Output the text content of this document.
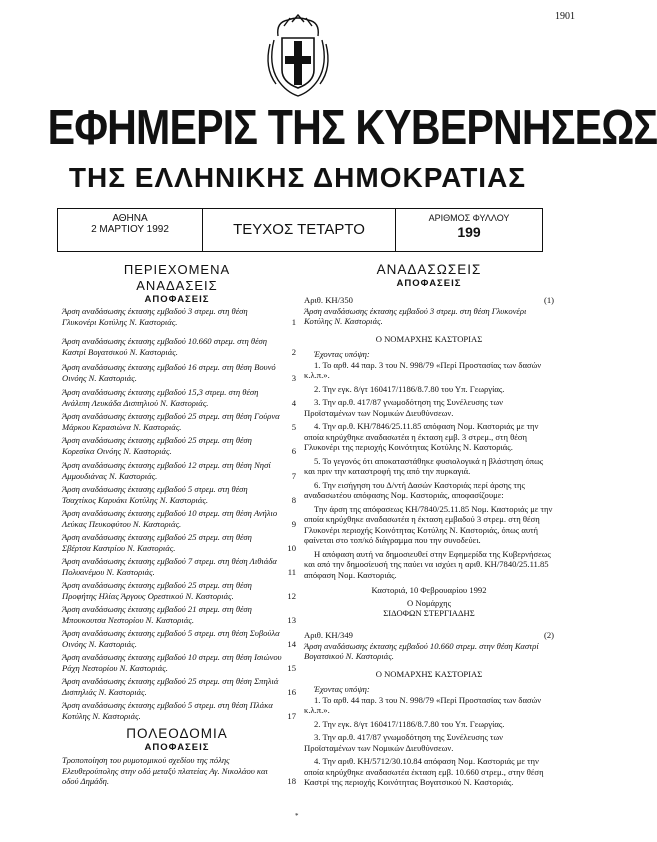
1901
ΕΦΗΜΕΡΙΣ ΤΗΣ ΚΥΒΕΡΝΗΣΕΩΣ
ΤΗΣ ΕΛΛΗΝΙΚΗΣ ΔΗΜΟΚΡΑΤΙΑΣ
ΑΘΗΝΑ
2 ΜΑΡΤΙΟΥ 1992	ΤΕΥΧΟΣ ΤΕΤΑΡΤΟ
ΑΡΙΘΜΟΣ ΦΥΛΛΟΥ
199
ΠΕΡΙΕΧΟΜΕΝΑ
ΑΝΑΔΑΣΕΙΣ
ΑΠΟΦΑΣΕΙΣ
Άρση αναδάσωσης έκτασης εμβαδού 3 στρεμ. στη θέση Γλυκονέρι Κοτύλης Ν. Καστοριάς.	1
Άρση αναδάσωσης έκτασης εμβαδού 10.660 στρεμ. στη θέση Καστρί Βογατσικού Ν. Καστοριάς.	2
Άρση αναδάσωσης έκτασης εμβαδού 16 στρεμ. στη θέση Βουνό Οινόης Ν. Καστοριάς.	3
Άρση αναδάσωσης έκτασης εμβαδού 15,3 στρεμ. στη θέση Ανάλιπη Λευκάδα Δισπηλιού Ν. Καστοριάς.	4
Άρση αναδάσωσης έκτασης εμβαδού 25 στρεμ. στη θέση Γούρνα Μάρκου Κερασιώνα Ν. Καστοριάς.	5
Άρση αναδάσωσης έκτασης εμβαδού 25 στρεμ. στη θέση Κορεσίκα Οινόης Ν. Καστοριάς.	6
Άρση αναδάσωσης έκτασης εμβαδού 12 στρεμ. στη θέση Νησί Αμμουδιάνας Ν. Καστοριάς.	7
Άρση αναδάσωσης έκτασης εμβαδού 5 στρεμ. στη θέση Τσαχτίκος Καρυάκι Κοτύλης Ν. Καστοριάς.	8
Άρση αναδάσωσης έκτασης εμβαδού 10 στρεμ. στη θέση Ανήλιο Λεύκας Πευκοφύτου Ν. Καστοριάς.	9
Άρση αναδάσωσης έκτασης εμβαδού 25 στρεμ. στη θέση Σβέρτσα Καστρίου Ν. Καστοριάς.	10
Άρση αναδάσωσης έκτασης εμβαδού 7 στρεμ. στη θέση Λιθιάδα Πολυανέμου Ν. Καστοριάς.	11
Άρση αναδάσωσης έκτασης εμβαδού 25 στρεμ. στη θέση Προφήτης Ηλίας Άργους Ορεστικού Ν. Καστοριάς.	12
Άρση αναδάσωσης έκτασης εμβαδού 21 στρεμ. στη θέση Μπουκουτσα Νεστορίου Ν. Καστοριάς.	13
Άρση αναδάσωσης έκτασης εμβαδού 5 στρεμ. στη θέση Συβούλα Οινόης Ν. Καστοριάς.	14
Άρση αναδάσωσης έκτασης εμβαδού 10 στρεμ. στη θέση Ισιώνου Ράχη Νεστορίου Ν. Καστοριάς.	15
Άρση αναδάσωσης έκτασης εμβαδού 25 στρεμ. στη θέση Σπηλιά Δισπηλιάς Ν. Καστοριάς.	16
Άρση αναδάσωσης έκτασης εμβαδού 5 στρεμ. στη θέση Πλάκα Κοτύλης Ν. Καστοριάς.	17
ΠΟΛΕΟΔΟΜΙΑ
ΑΠΟΦΑΣΕΙΣ
Τροποποίηση του ρυμοτομικού σχεδίου της πόλης Ελευθερούπολης στην οδό μεταξύ πλατείας Αγ. Νικολάου και οδού Δημάδη.	18
ΑΝΑΔΑΣΩΣΕΙΣ
ΑΠΟΦΑΣΕΙΣ
Αριθ. ΚΗ/350	(1)
Άρση αναδάσωσης έκτασης εμβαδού 3 στρεμ. στη θέση Γλυκονέρι Κοτύλης Ν. Καστοριάς.
Ο ΝΟΜΑΡΧΗΣ ΚΑΣΤΟΡΙΑΣ
Έχοντας υπόψη:
1. Το αρθ. 44 παρ. 3 του Ν. 998/79 «Περί Προστασίας των δασών κ.λ.π.».
2. Την εγκ. 8/γτ 160417/1186/8.7.80 του Υπ. Γεωργίας.
3. Την αρ.θ. 417/87 γνωμοδότηση της Συνέλευσης των Προϊσταμένων των Νομικών Διευθύνσεων.
4. Την αρ.θ. ΚΗ/7846/25.11.85 απόφαση Νομ. Καστοριάς με την οποία κηρύχθηκε αναδασωτέα η έκταση εμβ. 3 στρεμ., στη θέση Γλυκονέρι της περιοχής Κοινότητας Κοτύλης Ν. Καστοριάς.
5. Το γεγονός ότι αποκαταστάθηκε φυσιολογικά η βλάστηση όπως και πριν την καταστροφή της από την πυρκαγιά.
6. Την εισήγηση του Δ/ντή Δασών Καστοριάς περί άρσης της αναδασωτέου απόφασης Νομ. Καστοριάς, αποφασίζουμε:
Την άρση της απόφασεως ΚΗ/7840/25.11.85 Νομ. Καστοριάς με την οποία κηρύχθηκε αναδασωτέα η έκταση εμβαδού 3 στρεμ. στη θέση Γλυκονέρι περιοχής Κοινότητας Κοτύλης Ν. Καστοριάς, όπως αυτή φαίνεται στο τοπ/κό διάγραμμα που την συνοδεύει.
Η απόφαση αυτή να δημοσιευθεί στην Εφημερίδα της Κυβερνήσεως και από την δημοσίευσή της παύει να ισχύει η αριθ. ΚΗ/7840/25.11.85 απόφαση Νομ. Καστοριάς.
Καστοριά, 10 Φεβρουαρίου 1992
Ο Νομάρχης
ΣΙΔΟΦΩΝ ΣΤΕΡΓΙΑΔΗΣ
Αριθ. ΚΗ/349	(2)
Άρση αναδάσωσης έκτασης εμβαδού 10.660 στρεμ. στην θέση Καστρί Βογατσικού Ν. Καστοριάς.
Ο ΝΟΜΑΡΧΗΣ ΚΑΣΤΟΡΙΑΣ
Έχοντας υπόψη:
1. Το αρθ. 44 παρ. 3 του Ν. 998/79 «Περί Προστασίας των δασών κ.λ.π.».
2. Την εγκ. 8/γτ 160417/1186/8.7.80 του Υπ. Γεωργίας.
3. Την αρ.θ. 417/87 γνωμοδότηση της Συνέλευσης των Προϊσταμένων των Νομικών Διευθύνσεων.
4. Την αριθ. ΚΗ/5712/30.10.84 απόφαση Νομ. Καστοριάς με την οποία κηρύχθηκε αναδασωτέα έκταση εμβ. 10.660 στρεμ., στην θέση Καστρί της περιοχής Κοινότητας Βογατσικού Ν. Καστοριάς.
*
